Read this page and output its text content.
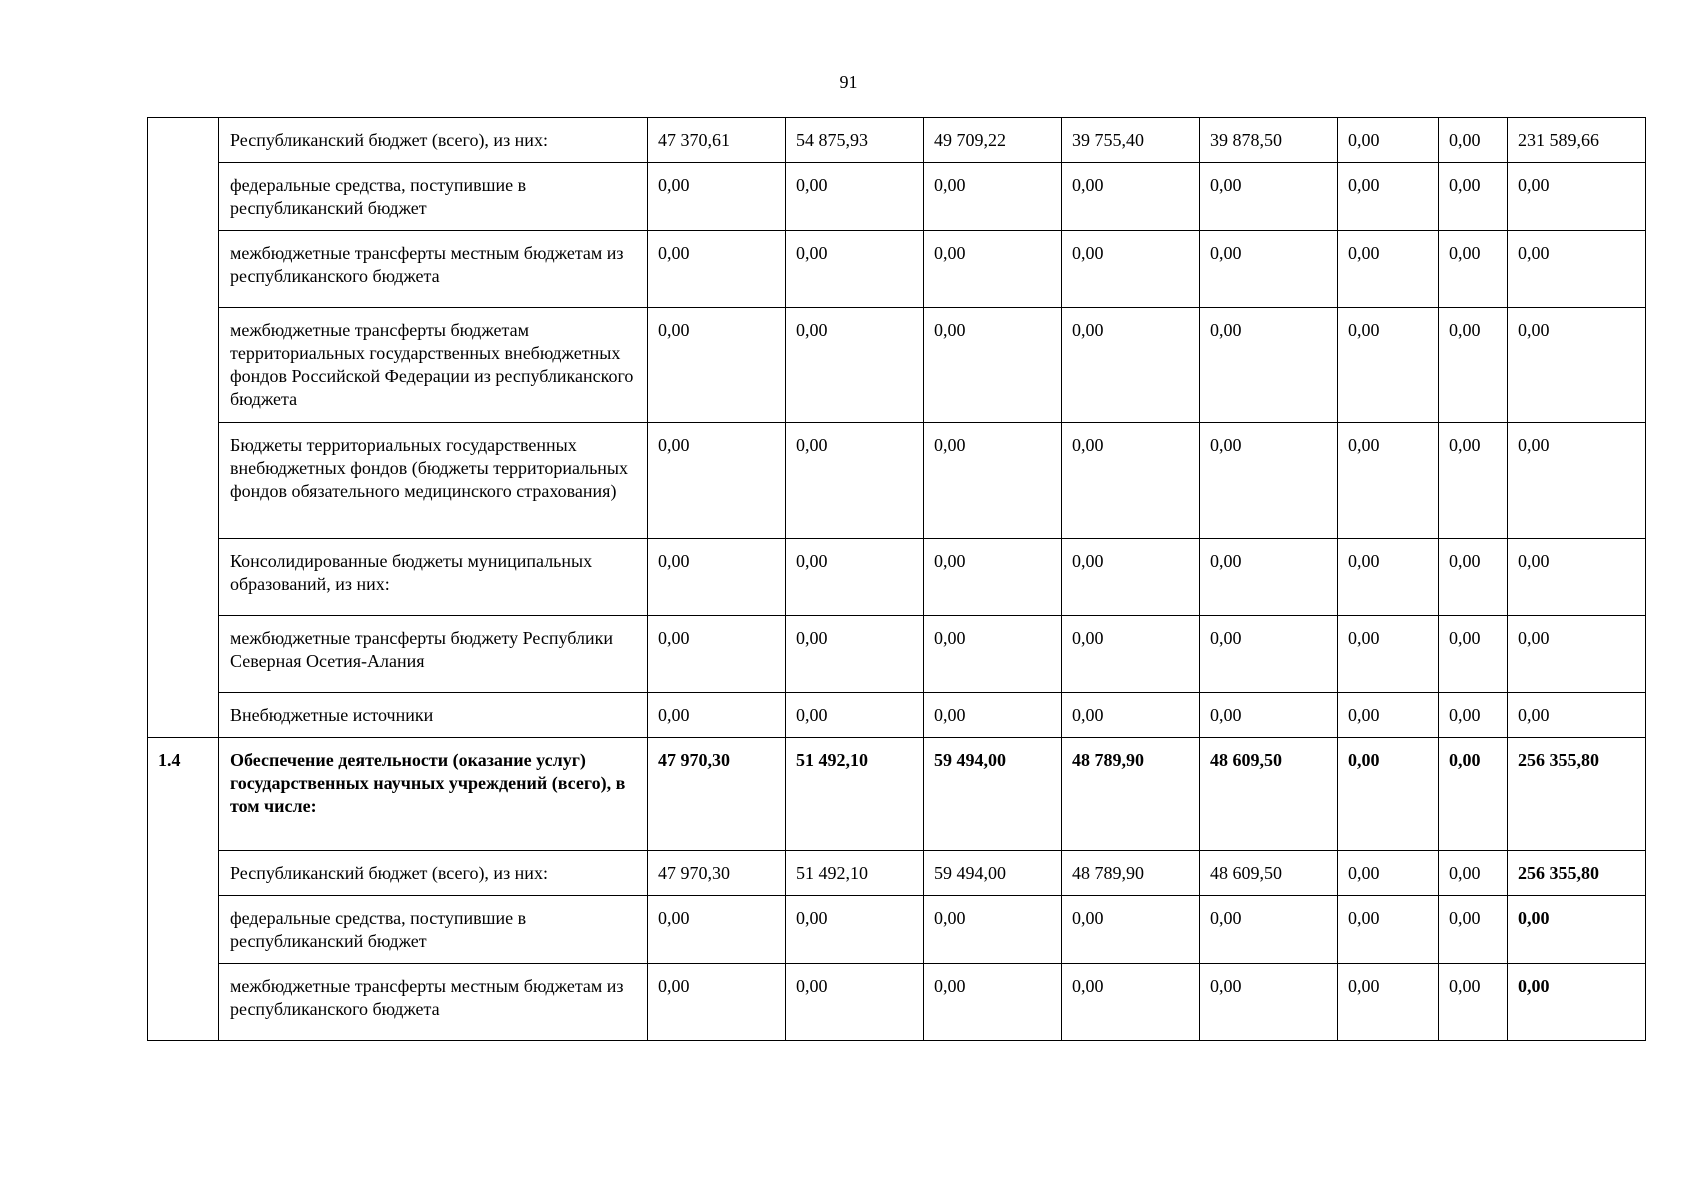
91
	Республиканский бюджет (всего), из них:	47 370,61	54 875,93	49 709,22	39 755,40	39 878,50	0,00	0,00	231 589,66
	федеральные средства, поступившие в республиканский бюджет	0,00	0,00	0,00	0,00	0,00	0,00	0,00	0,00
	межбюджетные трансферты местным бюджетам из республиканского бюджета	0,00	0,00	0,00	0,00	0,00	0,00	0,00	0,00
	межбюджетные трансферты бюджетам территориальных государственных внебюджетных фондов Российской Федерации из республиканского бюджета	0,00	0,00	0,00	0,00	0,00	0,00	0,00	0,00
	Бюджеты территориальных государственных внебюджетных фондов (бюджеты территориальных фондов обязательного медицинского страхования)	0,00	0,00	0,00	0,00	0,00	0,00	0,00	0,00
	Консолидированные бюджеты муниципальных образований, из них:	0,00	0,00	0,00	0,00	0,00	0,00	0,00	0,00
	межбюджетные трансферты бюджету Республики Северная Осетия-Алания	0,00	0,00	0,00	0,00	0,00	0,00	0,00	0,00
	Внебюджетные источники	0,00	0,00	0,00	0,00	0,00	0,00	0,00	0,00
1.4	Обеспечение деятельности (оказание услуг) государственных научных учреждений (всего), в том числе:	47 970,30	51 492,10	59 494,00	48 789,90	48 609,50	0,00	0,00	256 355,80
	Республиканский бюджет (всего), из них:	47 970,30	51 492,10	59 494,00	48 789,90	48 609,50	0,00	0,00	256 355,80
	федеральные средства, поступившие в республиканский бюджет	0,00	0,00	0,00	0,00	0,00	0,00	0,00	0,00
	межбюджетные трансферты местным бюджетам из республиканского бюджета	0,00	0,00	0,00	0,00	0,00	0,00	0,00	0,00
